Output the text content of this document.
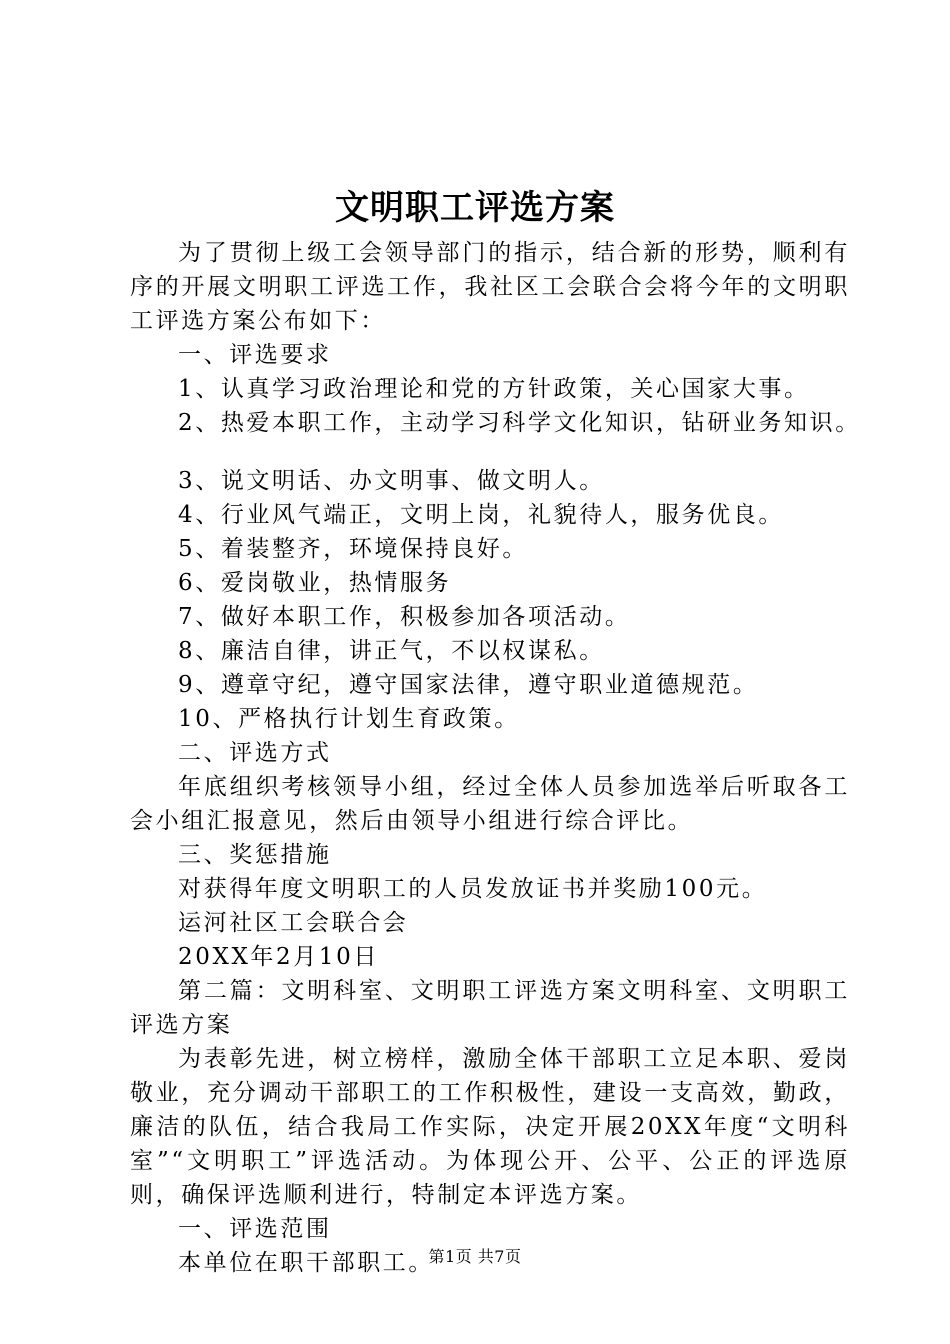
文明职工评选方案

为了贯彻上级工会领导部门的指示，结合新的形势，顺利有序的开展文明职工评选工作，我社区工会联合会将今年的文明职工评选方案公布如下：

一、评选要求

1、认真学习政治理论和党的方针政策，关心国家大事。

2、热爱本职工作，主动学习科学文化知识，钻研业务知识。

3、说文明话、办文明事、做文明人。

4、行业风气端正，文明上岗，礼貌待人，服务优良。

5、着装整齐，环境保持良好。

6、爱岗敬业，热情服务

7、做好本职工作，积极参加各项活动。

8、廉洁自律，讲正气，不以权谋私。

9、遵章守纪，遵守国家法律，遵守职业道德规范。

10、严格执行计划生育政策。

二、评选方式

年底组织考核领导小组，经过全体人员参加选举后听取各工会小组汇报意见，然后由领导小组进行综合评比。

三、奖惩措施

对获得年度文明职工的人员发放证书并奖励100元。

运河社区工会联合会

20XX年2月10日

第二篇：文明科室、文明职工评选方案文明科室、文明职工评选方案

为表彰先进，树立榜样，激励全体干部职工立足本职、爱岗敬业，充分调动干部职工的工作积极性，建设一支高效，勤政，廉洁的队伍，结合我局工作实际，决定开展20XX年度“文明科室”“文明职工”评选活动。为体现公开、公平、公正的评选原则，确保评选顺利进行，特制定本评选方案。

一、评选范围

本单位在职干部职工。

第1页 共7页
